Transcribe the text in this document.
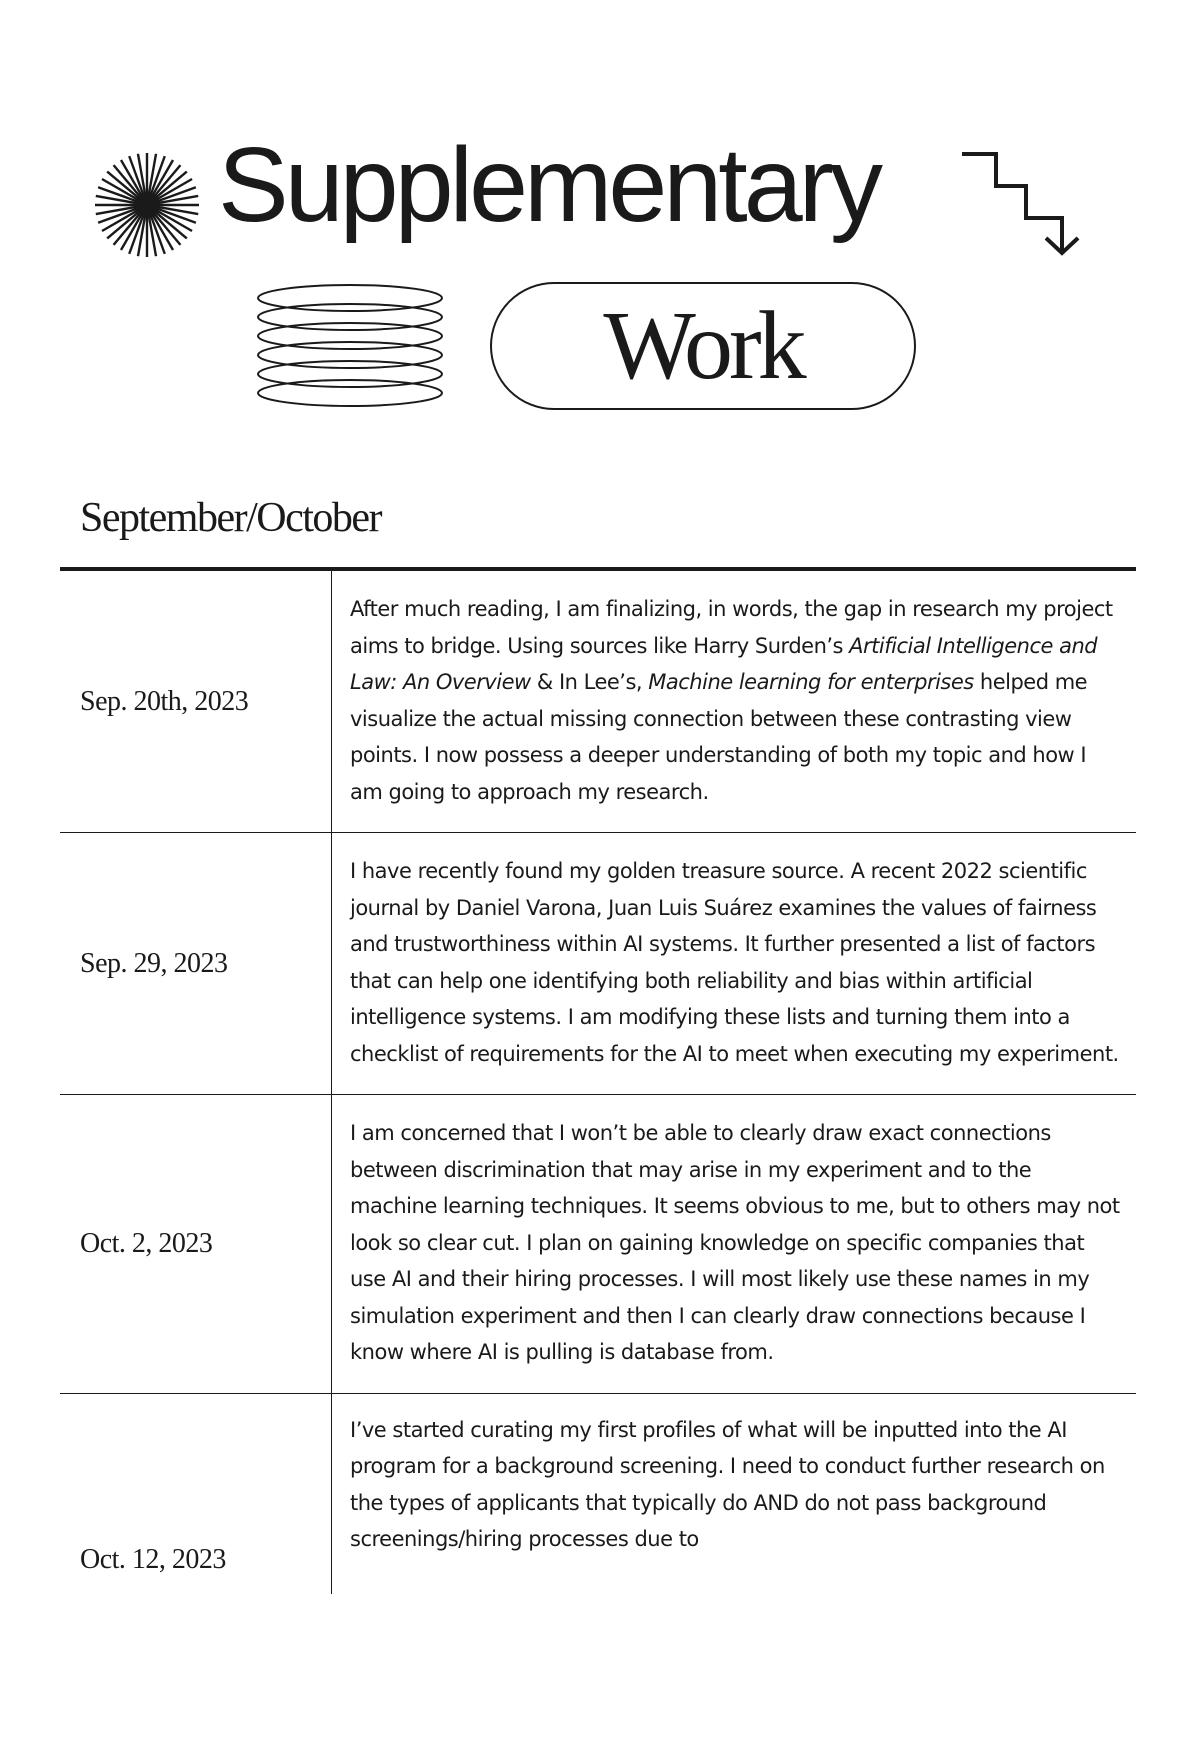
Supplementary
Work
September/October
Sep. 20th, 2023
After much reading, I am finalizing, in words, the gap in research my project aims to bridge. Using sources like Harry Surden’s Artificial Intelligence and Law: An Overview & In Lee’s, Machine learning for enterprises helped me visualize the actual missing connection between these contrasting view points. I now possess a deeper understanding of both my topic and how I am going to approach my research.
Sep. 29, 2023
I have recently found my golden treasure source. A recent 2022 scientific journal by Daniel Varona, Juan Luis Suárez examines the values of fairness and trustworthiness within AI systems. It further presented a list of factors that can help one identifying both reliability and bias within artificial intelligence systems. I am modifying these lists and turning them into a checklist of requirements for the AI to meet when executing my experiment.
Oct. 2, 2023
I am concerned that I won’t be able to clearly draw exact connections between discrimination that may arise in my experiment and to the machine learning techniques. It seems obvious to me, but to others may not look so clear cut. I plan on gaining knowledge on specific companies that use AI and their hiring processes. I will most likely use these names in my simulation experiment and then I can clearly draw connections because I know where AI is pulling is database from.
Oct. 12, 2023
I’ve started curating my first profiles of what will be inputted into the AI program for a background screening. I need to conduct further research on the types of applicants that typically do AND do not pass background screenings/hiring processes due to
